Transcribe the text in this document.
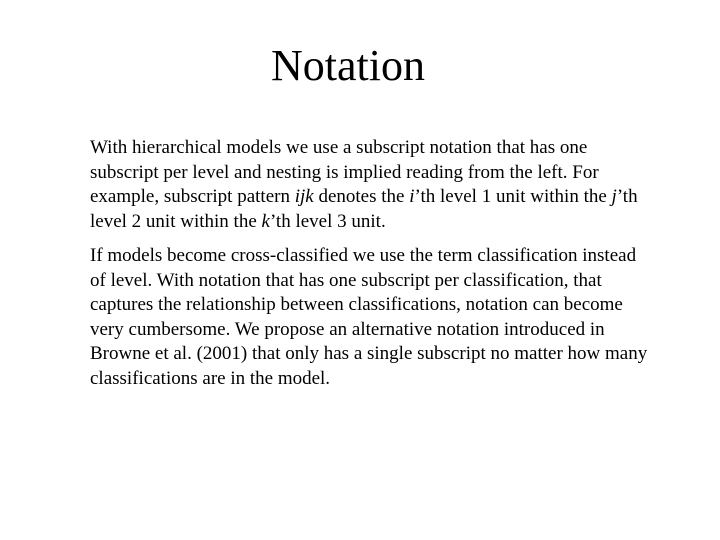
Notation

With hierarchical models we use a subscript notation that has one subscript per level and nesting is implied reading from the left. For example, subscript pattern ijk denotes the i’th level 1 unit within the j’th level 2 unit within the k’th level 3 unit.

If models become cross-classified we use the term classification instead of level. With notation that has one subscript per classification, that captures the relationship between classifications, notation can become very cumbersome. We propose an alternative notation introduced in Browne et al. (2001) that only has a single subscript no matter how many classifications are in the model.
